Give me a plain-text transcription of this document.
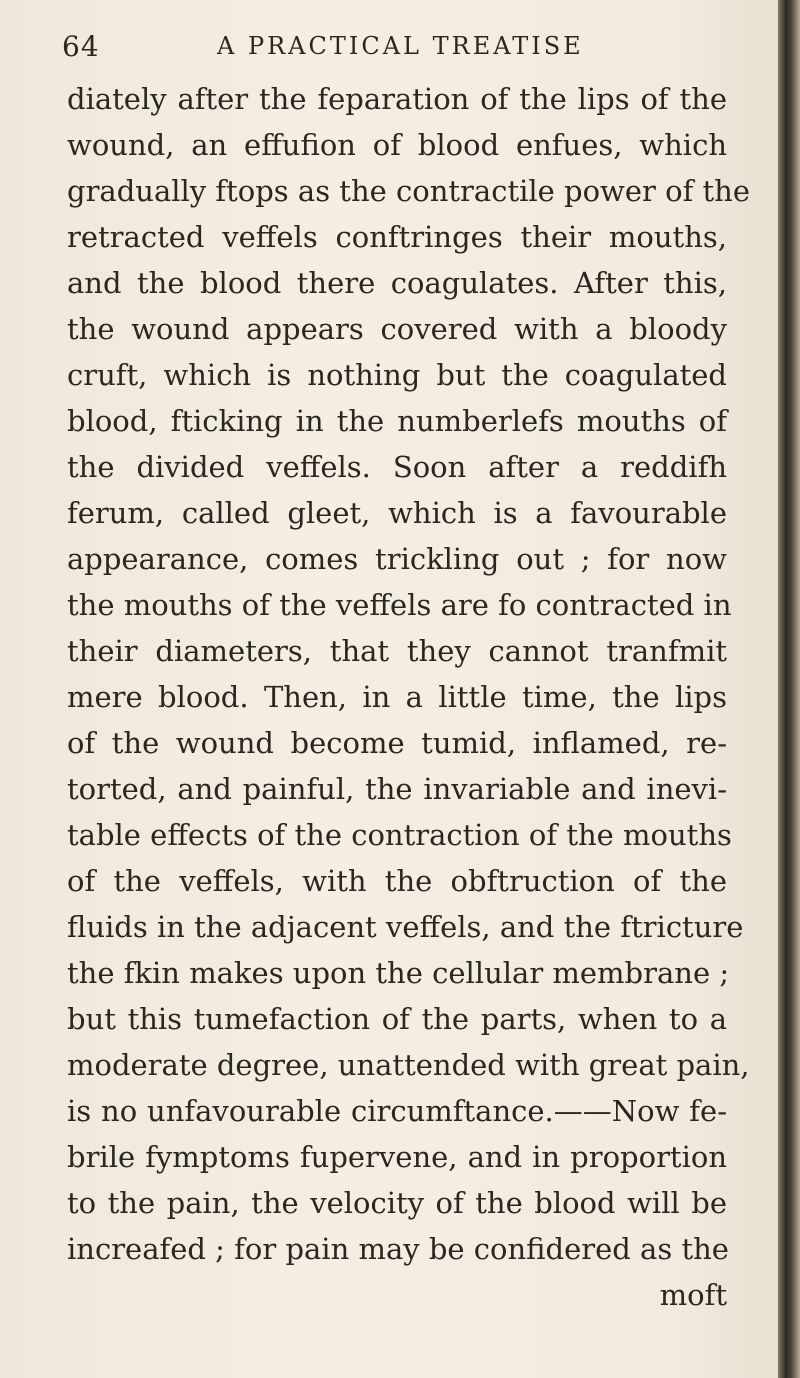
64	A PRACTICAL TREATISE
diately after the feparation of the lips of the
wound, an effufion of blood enfues, which
gradually ftops as the contractile power of the
retracted veffels conftringes their mouths,
and the blood there coagulates. After this,
the wound appears covered with a bloody
cruft, which is nothing but the coagulated
blood, fticking in the numberlefs mouths of
the divided veffels. Soon after a reddifh
ferum, called gleet, which is a favourable
appearance, comes trickling out ; for now
the mouths of the veffels are fo contracted in
their diameters, that they cannot tranfmit
mere blood. Then, in a little time, the lips
of the wound become tumid, inflamed, re-
torted, and painful, the invariable and inevi-
table effects of the contraction of the mouths
of the veffels, with the obftruction of the
fluids in the adjacent veffels, and the ftricture
the fkin makes upon the cellular membrane ;
but this tumefaction of the parts, when to a
moderate degree, unattended with great pain,
is no unfavourable circumftance.——Now fe-
brile fymptoms fupervene, and in proportion
to the pain, the velocity of the blood will be
increafed ; for pain may be confidered as the
moft
